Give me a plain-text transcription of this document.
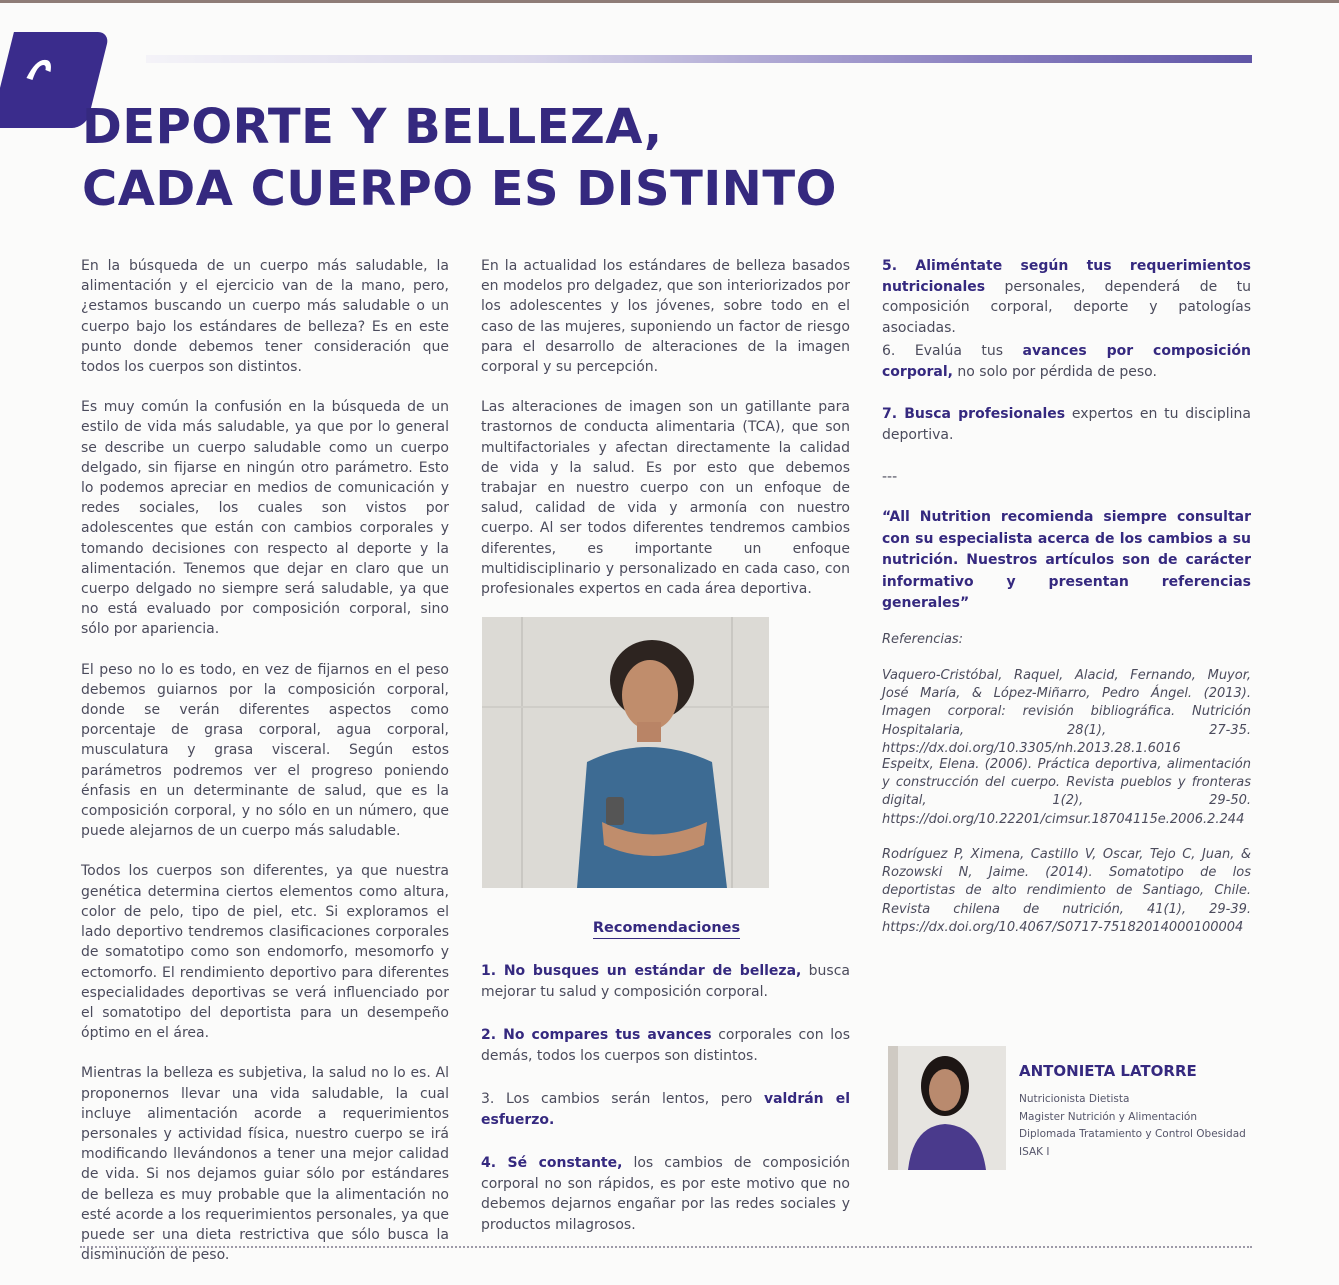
DEPORTE Y BELLEZA,
CADA CUERPO ES DISTINTO

En la búsqueda de un cuerpo más saludable, la alimentación y el ejercicio van de la mano, pero, ¿estamos buscando un cuerpo más saludable o un cuerpo bajo los estándares de belleza? Es en este punto donde debemos tener consideración que todos los cuerpos son distintos.

Es muy común la confusión en la búsqueda de un estilo de vida más saludable, ya que por lo general se describe un cuerpo saludable como un cuerpo delgado, sin fijarse en ningún otro parámetro. Esto lo podemos apreciar en medios de comunicación y redes sociales, los cuales son vistos por adolescentes que están con cambios corporales y tomando decisiones con respecto al deporte y la alimentación. Tenemos que dejar en claro que un cuerpo delgado no siempre será saludable, ya que no está evaluado por composición corporal, sino sólo por apariencia.

El peso no lo es todo, en vez de fijarnos en el peso debemos guiarnos por la composición corporal, donde se verán diferentes aspectos como porcentaje de grasa corporal, agua corporal, musculatura y grasa visceral. Según estos parámetros podremos ver el progreso poniendo énfasis en un determinante de salud, que es la composición corporal, y no sólo en un número, que puede alejarnos de un cuerpo más saludable.

Todos los cuerpos son diferentes, ya que nuestra genética determina ciertos elementos como altura, color de pelo, tipo de piel, etc. Si exploramos el lado deportivo tendremos clasificaciones corporales de somatotipo como son endomorfo, mesomorfo y ectomorfo. El rendimiento deportivo para diferentes especialidades deportivas se verá influenciado por el somatotipo del deportista para un desempeño óptimo en el área.

Mientras la belleza es subjetiva, la salud no lo es. Al proponernos llevar una vida saludable, la cual incluye alimentación acorde a requerimientos personales y actividad física, nuestro cuerpo se irá modificando llevándonos a tener una mejor calidad de vida. Si nos dejamos guiar sólo por estándares de belleza es muy probable que la alimentación no esté acorde a los requerimientos personales, ya que puede ser una dieta restrictiva que sólo busca la disminución de peso.

En la actualidad los estándares de belleza basados en modelos pro delgadez, que son interiorizados por los adolescentes y los jóvenes, sobre todo en el caso de las mujeres, suponiendo un factor de riesgo para el desarrollo de alteraciones de la imagen corporal y su percepción.

Las alteraciones de imagen son un gatillante para trastornos de conducta alimentaria (TCA), que son multifactoriales y afectan directamente la calidad de vida y la salud. Es por esto que debemos trabajar en nuestro cuerpo con un enfoque de salud, calidad de vida y armonía con nuestro cuerpo. Al ser todos diferentes tendremos cambios diferentes, es importante un enfoque multidisciplinario y personalizado en cada caso, con profesionales expertos en cada área deportiva.

Recomendaciones
1. No busques un estándar de belleza, busca mejorar tu salud y composición corporal.
2. No compares tus avances corporales con los demás, todos los cuerpos son distintos.
3. Los cambios serán lentos, pero valdrán el esfuerzo.
4. Sé constante, los cambios de composición corporal no son rápidos, es por este motivo que no debemos dejarnos engañar por las redes sociales y productos milagrosos.
5. Aliméntate según tus requerimientos nutricionales personales, dependerá de tu composición corporal, deporte y patologías asociadas.
6. Evalúa tus avances por composición corporal, no solo por pérdida de peso.
7. Busca profesionales expertos en tu disciplina deportiva.
---
“All Nutrition recomienda siempre consultar con su especialista acerca de los cambios a su nutrición. Nuestros artículos son de carácter informativo y presentan referencias generales”
Referencias:
Vaquero-Cristóbal, Raquel, Alacid, Fernando, Muyor, José María, & López-Miñarro, Pedro Ángel. (2013). Imagen corporal: revisión bibliográfica. Nutrición Hospitalaria, 28(1), 27-35. https://dx.doi.org/10.3305/nh.2013.28.1.6016
Espeitx, Elena. (2006). Práctica deportiva, alimentación y construcción del cuerpo. Revista pueblos y fronteras digital, 1(2), 29-50. https://doi.org/10.22201/cimsur.18704115e.2006.2.244
Rodríguez P, Ximena, Castillo V, Oscar, Tejo C, Juan, & Rozowski N, Jaime. (2014). Somatotipo de los deportistas de alto rendimiento de Santiago, Chile. Revista chilena de nutrición, 41(1), 29-39. https://dx.doi.org/10.4067/S0717-75182014000100004
ANTONIETA LATORRE
Nutricionista Dietista
Magister Nutrición y Alimentación
Diplomada Tratamiento y Control Obesidad
ISAK I
